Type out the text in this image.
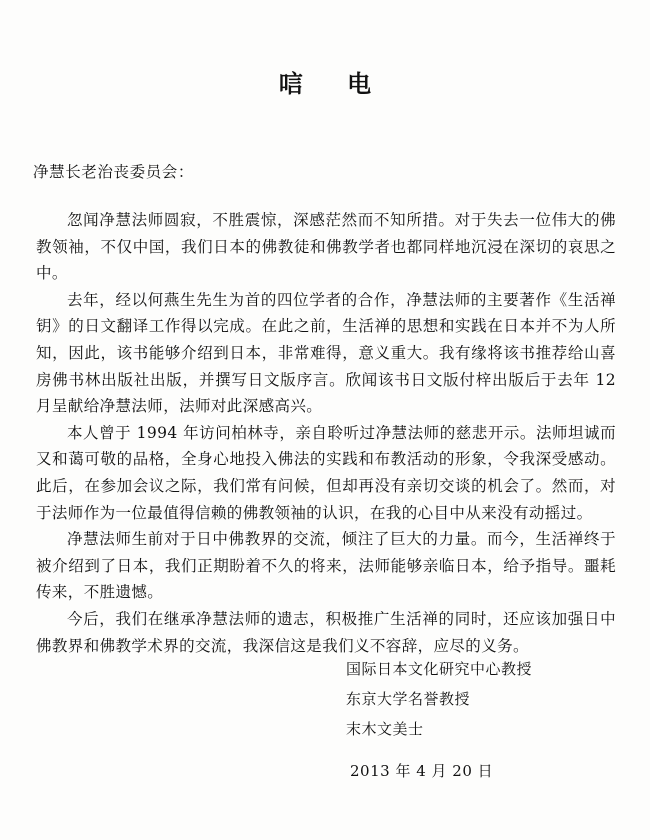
唁 电
净慧长老治丧委员会：

忽闻净慧法师圆寂，不胜震惊，深感茫然而不知所措。对于失去一位伟大的佛教领袖，不仅中国，我们日本的佛教徒和佛教学者也都同样地沉浸在深切的哀思之中。

去年，经以何燕生先生为首的四位学者的合作，净慧法师的主要著作《生活禅钥》的日文翻译工作得以完成。在此之前，生活禅的思想和实践在日本并不为人所知，因此，该书能够介绍到日本，非常难得，意义重大。我有缘将该书推荐给山喜房佛书林出版社出版，并撰写日文版序言。欣闻该书日文版付梓出版后于去年 12 月呈献给净慧法师，法师对此深感高兴。

本人曾于 1994 年访问柏林寺，亲自聆听过净慧法师的慈悲开示。法师坦诚而又和蔼可敬的品格，全身心地投入佛法的实践和布教活动的形象，令我深受感动。此后，在参加会议之际，我们常有问候，但却再没有亲切交谈的机会了。然而，对于法师作为一位最值得信赖的佛教领袖的认识，在我的心目中从来没有动摇过。

净慧法师生前对于日中佛教界的交流，倾注了巨大的力量。而今，生活禅终于被介绍到了日本，我们正期盼着不久的将来，法师能够亲临日本，给予指导。噩耗传来，不胜遗憾。

今后，我们在继承净慧法师的遗志，积极推广生活禅的同时，还应该加强日中佛教界和佛教学术界的交流，我深信这是我们义不容辞，应尽的义务。

国际日本文化研究中心教授
东京大学名誉教授
末木文美士
2013 年 4 月 20 日
